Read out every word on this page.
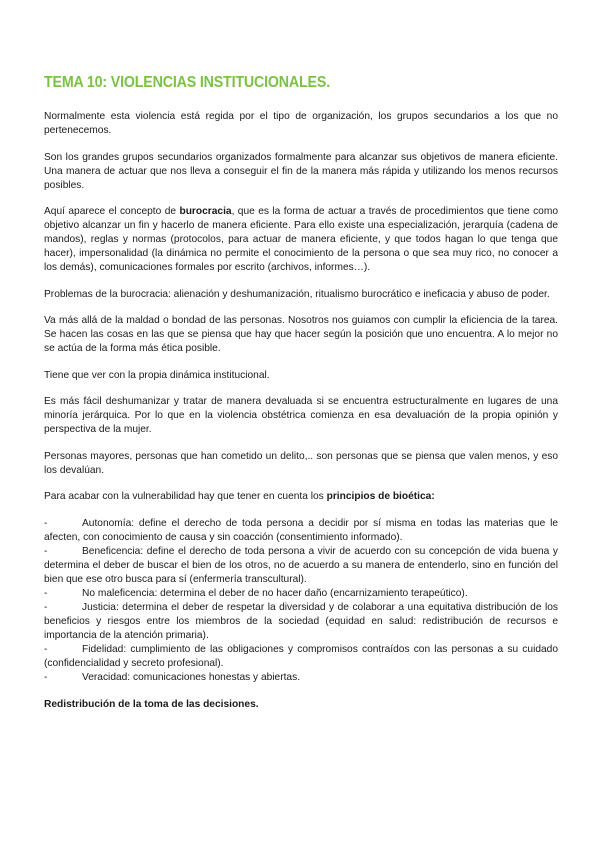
TEMA 10: VIOLENCIAS INSTITUCIONALES.

Normalmente esta violencia está regida por el tipo de organización, los grupos secundarios a los que no pertenecemos.

Son los grandes grupos secundarios organizados formalmente para alcanzar sus objetivos de manera eficiente. Una manera de actuar que nos lleva a conseguir el fin de la manera más rápida y utilizando los menos recursos posibles.

Aquí aparece el concepto de burocracia, que es la forma de actuar a través de procedimientos que tiene como objetivo alcanzar un fin y hacerlo de manera eficiente. Para ello existe una especialización, jerarquía (cadena de mandos), reglas y normas (protocolos, para actuar de manera eficiente, y que todos hagan lo que tenga que hacer), impersonalidad (la dinámica no permite el conocimiento de la persona o que sea muy rico, no conocer a los demás), comunicaciones formales por escrito (archivos, informes…).

Problemas de la burocracia: alienación y deshumanización, ritualismo burocrático e ineficacia y abuso de poder.

Va más allá de la maldad o bondad de las personas. Nosotros nos guiamos con cumplir la eficiencia de la tarea. Se hacen las cosas en las que se piensa que hay que hacer según la posición que uno encuentra. A lo mejor no se actúa de la forma más ética posible.

Tiene que ver con la propia dinámica institucional.

Es más fácil deshumanizar y tratar de manera devaluada si se encuentra estructuralmente en lugares de una minoría jerárquica. Por lo que en la violencia obstétrica comienza en esa devaluación de la propia opinión y perspectiva de la mujer.

Personas mayores, personas que han cometido un delito,.. son personas que se piensa que valen menos, y eso los devalúan.

Para acabar con la vulnerabilidad hay que tener en cuenta los principios de bioética:

-	Autonomía: define el derecho de toda persona a decidir por sí misma en todas las materias que le afecten, con conocimiento de causa y sin coacción (consentimiento informado).
-	Beneficencia: define el derecho de toda persona a vivir de acuerdo con su concepción de vida buena y determina el deber de buscar el bien de los otros, no de acuerdo a su manera de entenderlo, sino en función del bien que ese otro busca para sí (enfermería transcultural).
-	No maleficencia: determina el deber de no hacer daño (encarnizamiento terapeútico).
-	Justicia: determina el deber de respetar la diversidad y de colaborar a una equitativa distribución de los beneficios y riesgos entre los miembros de la sociedad (equidad en salud: redistribución de recursos e importancia de la atención primaria).
-	Fidelidad: cumplimiento de las obligaciones y compromisos contraídos con las personas a su cuidado (confidencialidad y secreto profesional).
-	Veracidad: comunicaciones honestas y abiertas.
Redistribución de la toma de las decisiones.
